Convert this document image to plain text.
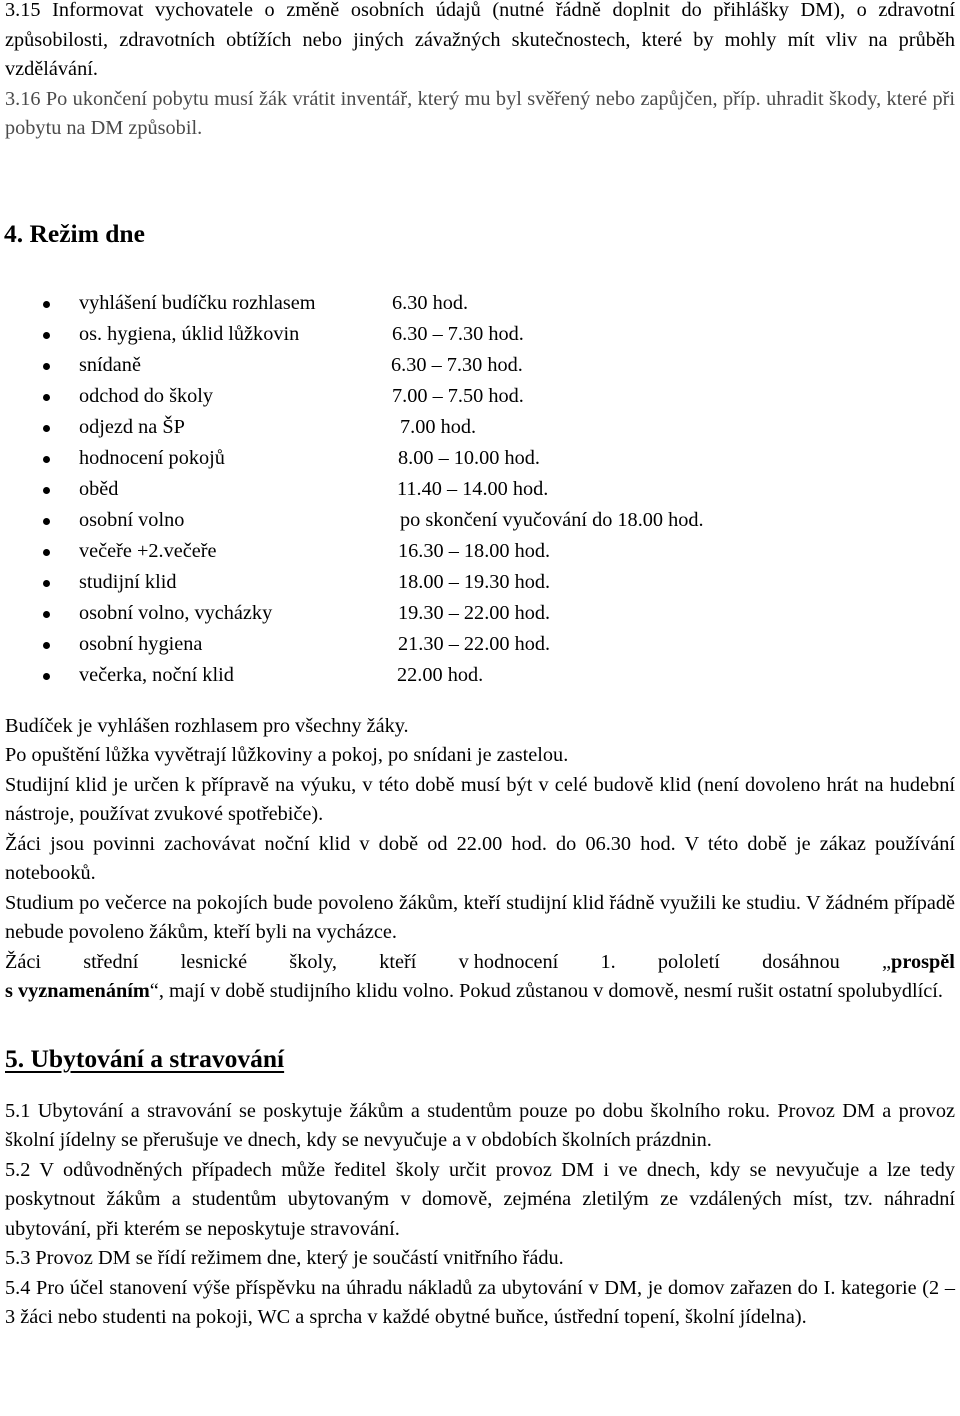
3.15 Informovat vychovatele o změně osobních údajů (nutné řádně doplnit do přihlášky DM), o zdravotní způsobilosti, zdravotních obtížích nebo jiných závažných skutečnostech, které by mohly mít vliv na průběh vzdělávání.

3.16 Po ukončení pobytu musí žák vrátit inventář, který mu byl svěřený nebo zapůjčen, příp. uhradit škody, které při pobytu na DM způsobil.

4. Režim dne
vyhlášení budíčku rozhlasem	6.30 hod.
os. hygiena, úklid lůžkovin	6.30 – 7.30 hod.
snídaně	6.30 – 7.30 hod.
odchod do školy	7.00 – 7.50 hod.
odjezd na ŠP	7.00 hod.
hodnocení pokojů	8.00 – 10.00 hod.
oběd	11.40 – 14.00 hod.
osobní volno	po skončení vyučování do 18.00 hod.
večeře +2.večeře	16.30 – 18.00 hod.
studijní klid	18.00 – 19.30 hod.
osobní volno, vycházky	19.30 – 22.00 hod.
osobní hygiena	21.30 – 22.00 hod.
večerka, noční klid	22.00 hod.

Budíček je vyhlášen rozhlasem pro všechny žáky.

Po opuštění lůžka vyvětrají lůžkoviny a pokoj, po snídani je zastelou.

Studijní klid je určen k přípravě na výuku, v této době musí být v celé budově klid (není dovoleno hrát na hudební nástroje, používat zvukové spotřebiče).

Žáci jsou povinni zachovávat noční klid v době od 22.00 hod. do 06.30 hod. V této době je zákaz používání notebooků.

Studium po večerce na pokojích bude povoleno žákům, kteří studijní klid řádně využili ke studiu. V žádném případě nebude povoleno žákům, kteří byli na vycházce.

Žáci střední lesnické školy, kteří v hodnocení 1. pololetí dosáhnou „prospěl
s vyznamenáním“, mají v době studijního klidu volno. Pokud zůstanou v domově, nesmí rušit ostatní spolubydlící.

5. Ubytování a stravování

5.1 Ubytování a stravování se poskytuje žákům a studentům pouze po dobu školního roku. Provoz DM a provoz školní jídelny se přerušuje ve dnech, kdy se nevyučuje a v obdobích školních prázdnin.

5.2 V odůvodněných případech může ředitel školy určit provoz DM i ve dnech, kdy se nevyučuje a lze tedy poskytnout žákům a studentům ubytovaným v domově, zejména zletilým ze vzdálených míst, tzv. náhradní ubytování, při kterém se neposkytuje stravování.

5.3 Provoz DM se řídí režimem dne, který je součástí vnitřního řádu.

5.4 Pro účel stanovení výše příspěvku na úhradu nákladů za ubytování v DM, je domov zařazen do I. kategorie (2 – 3 žáci nebo studenti na pokoji, WC a sprcha v každé obytné buňce, ústřední topení, školní jídelna).
